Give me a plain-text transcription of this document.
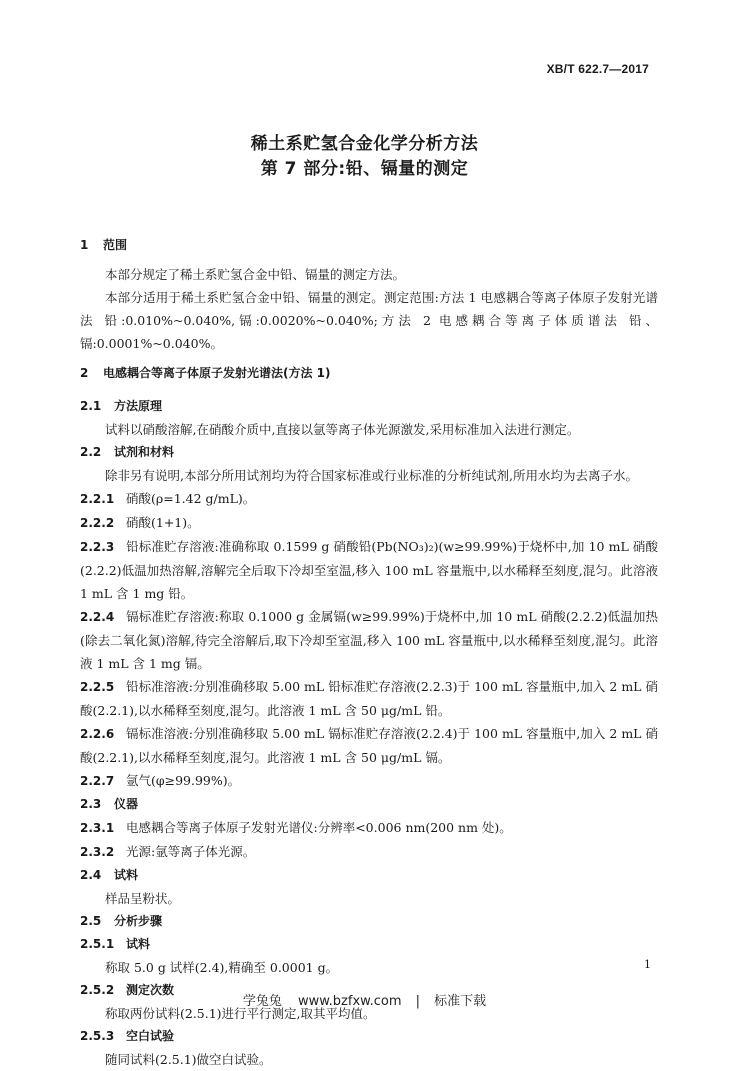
XB/T 622.7—2017
稀土系贮氢合金化学分析方法
第 7 部分:铅、镉量的测定
1 范围
本部分规定了稀土系贮氢合金中铅、镉量的测定方法。
本部分适用于稀土系贮氢合金中铅、镉量的测定。测定范围:方法 1 电感耦合等离子体原子发射光谱法 铅:0.010%~0.040%,镉:0.0020%~0.040%;方法 2 电感耦合等离子体质谱法 铅、镉:0.0001%~0.040%。
2 电感耦合等离子体原子发射光谱法(方法 1)
2.1 方法原理
试料以硝酸溶解,在硝酸介质中,直接以氩等离子体光源激发,采用标准加入法进行测定。
2.2 试剂和材料
除非另有说明,本部分所用试剂均为符合国家标准或行业标准的分析纯试剂,所用水均为去离子水。
2.2.1 硝酸(ρ=1.42 g/mL)。
2.2.2 硝酸(1+1)。
2.2.3 铅标准贮存溶液:准确称取 0.1599 g 硝酸铅(Pb(NO₃)₂)(w≥99.99%)于烧杯中,加 10 mL 硝酸(2.2.2)低温加热溶解,溶解完全后取下冷却至室温,移入 100 mL 容量瓶中,以水稀释至刻度,混匀。此溶液 1 mL 含 1 mg 铅。
2.2.4 镉标准贮存溶液:称取 0.1000 g 金属镉(w≥99.99%)于烧杯中,加 10 mL 硝酸(2.2.2)低温加热(除去二氧化氮)溶解,待完全溶解后,取下冷却至室温,移入 100 mL 容量瓶中,以水稀释至刻度,混匀。此溶液 1 mL 含 1 mg 镉。
2.2.5 铅标准溶液:分别准确移取 5.00 mL 铅标准贮存溶液(2.2.3)于 100 mL 容量瓶中,加入 2 mL 硝酸(2.2.1),以水稀释至刻度,混匀。此溶液 1 mL 含 50 μg/mL 铅。
2.2.6 镉标准溶液:分别准确移取 5.00 mL 镉标准贮存溶液(2.2.4)于 100 mL 容量瓶中,加入 2 mL 硝酸(2.2.1),以水稀释至刻度,混匀。此溶液 1 mL 含 50 μg/mL 镉。
2.2.7 氩气(φ≥99.99%)。
2.3 仪器
2.3.1 电感耦合等离子体原子发射光谱仪:分辨率<0.006 nm(200 nm 处)。
2.3.2 光源:氩等离子体光源。
2.4 试料
样品呈粉状。
2.5 分析步骤
2.5.1 试料
称取 5.0 g 试样(2.4),精确至 0.0001 g。
2.5.2 测定次数
称取两份试料(2.5.1)进行平行测定,取其平均值。
2.5.3 空白试验
随同试料(2.5.1)做空白试验。
1
学兔兔 www.bzfxw.com | 标准下载
